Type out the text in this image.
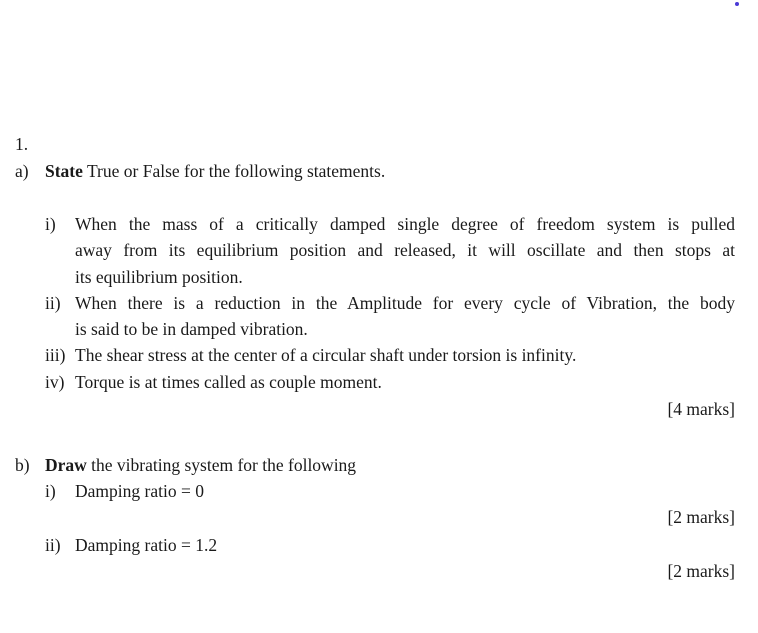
1.
a) State True or False for the following statements.
i) When the mass of a critically damped single degree of freedom system is pulled
away from its equilibrium position and released, it will oscillate and then stops at
its equilibrium position.
ii) When there is a reduction in the Amplitude for every cycle of Vibration, the body
is said to be in damped vibration.
iii) The shear stress at the center of a circular shaft under torsion is infinity.
iv) Torque is at times called as couple moment.
[4 marks]
b) Draw the vibrating system for the following
i) Damping ratio = 0
[2 marks]
ii) Damping ratio = 1.2
[2 marks]
